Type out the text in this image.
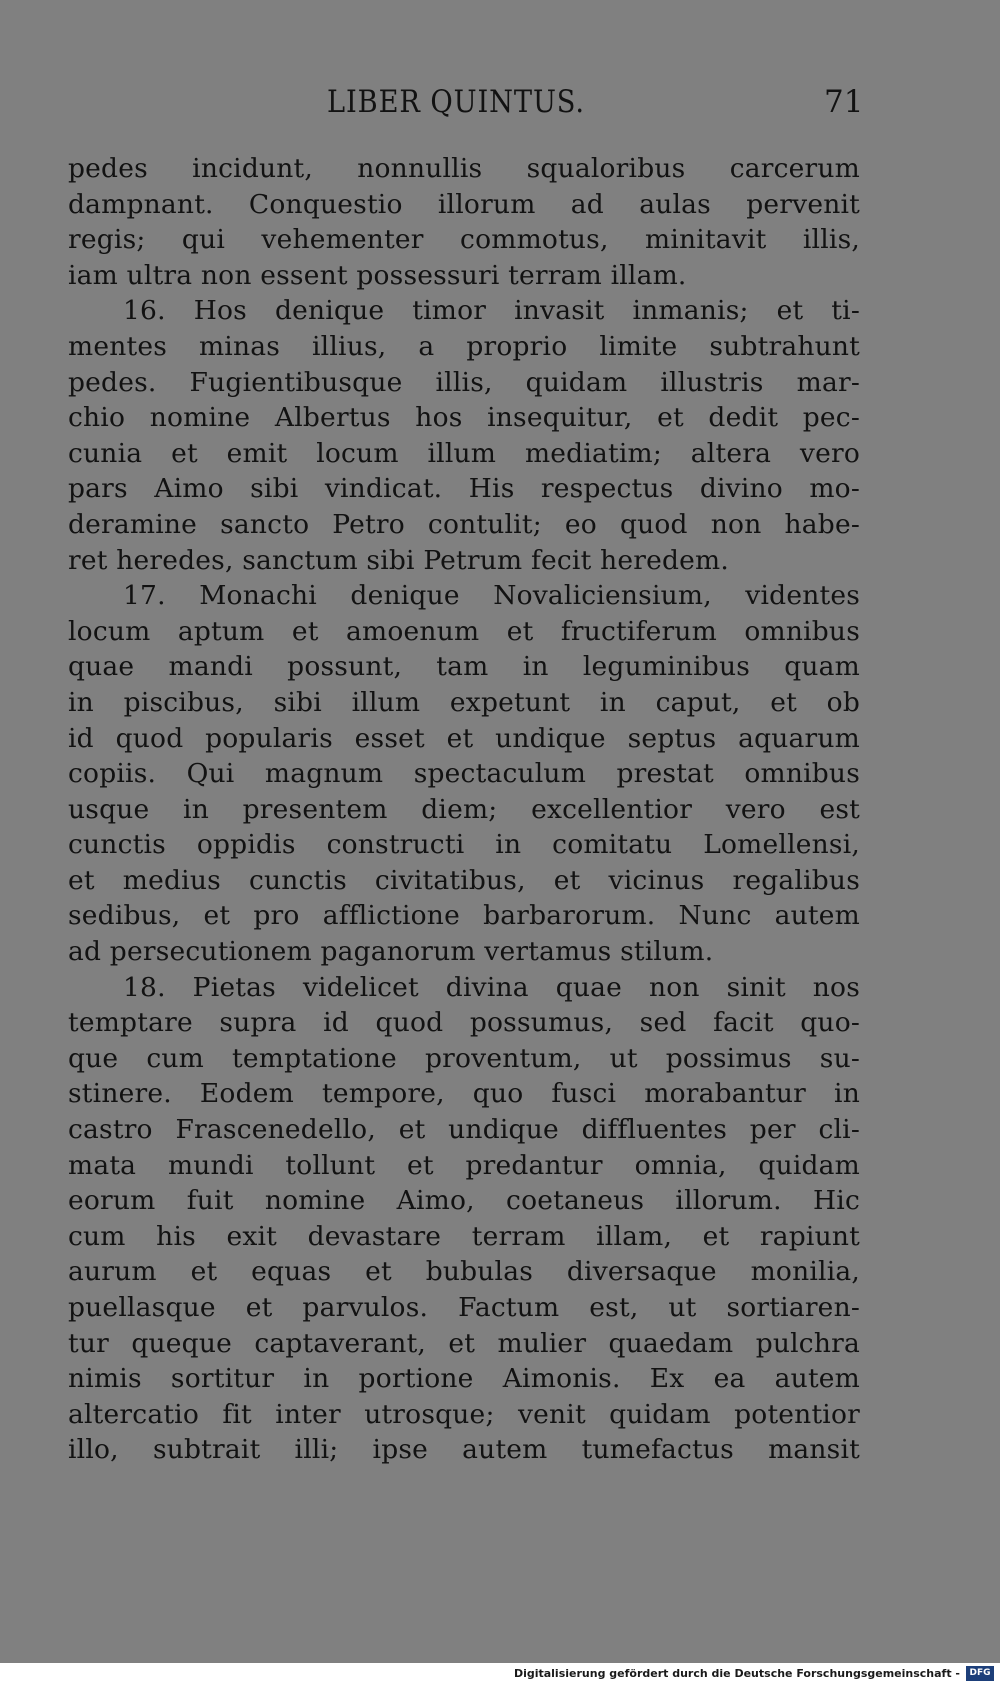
LIBER QUINTUS.	71
pedes incidunt, nonnullis squaloribus carcerum
dampnant. Conquestio illorum ad aulas pervenit
regis; qui vehementer commotus, minitavit illis,
iam ultra non essent possessuri terram illam.
16. Hos denique timor invasit inmanis; et ti-
mentes minas illius, a proprio limite subtrahunt
pedes. Fugientibusque illis, quidam illustris mar-
chio nomine Albertus hos insequitur, et dedit pec-
cunia et emit locum illum mediatim; altera vero
pars Aimo sibi vindicat. His respectus divino mo-
deramine sancto Petro contulit; eo quod non habe-
ret heredes, sanctum sibi Petrum fecit heredem.
17. Monachi denique Novaliciensium, videntes
locum aptum et amoenum et fructiferum omnibus
quae mandi possunt, tam in leguminibus quam
in piscibus, sibi illum expetunt in caput, et ob
id quod popularis esset et undique septus aquarum
copiis. Qui magnum spectaculum prestat omnibus
usque in presentem diem; excellentior vero est
cunctis oppidis constructi in comitatu Lomellensi,
et medius cunctis civitatibus, et vicinus regalibus
sedibus, et pro afflictione barbarorum. Nunc autem
ad persecutionem paganorum vertamus stilum.
18. Pietas videlicet divina quae non sinit nos
temptare supra id quod possumus, sed facit quo-
que cum temptatione proventum, ut possimus su-
stinere. Eodem tempore, quo fusci morabantur in
castro Frascenedello, et undique diffluentes per cli-
mata mundi tollunt et predantur omnia, quidam
eorum fuit nomine Aimo, coetaneus illorum. Hic
cum his exit devastare terram illam, et rapiunt
aurum et equas et bubulas diversaque monilia,
puellasque et parvulos. Factum est, ut sortiaren-
tur queque captaverant, et mulier quaedam pulchra
nimis sortitur in portione Aimonis. Ex ea autem
altercatio fit inter utrosque; venit quidam potentior
illo, subtrait illi; ipse autem tumefactus mansit
Digitalisierung gefördert durch die Deutsche Forschungsgemeinschaft -	DFG
